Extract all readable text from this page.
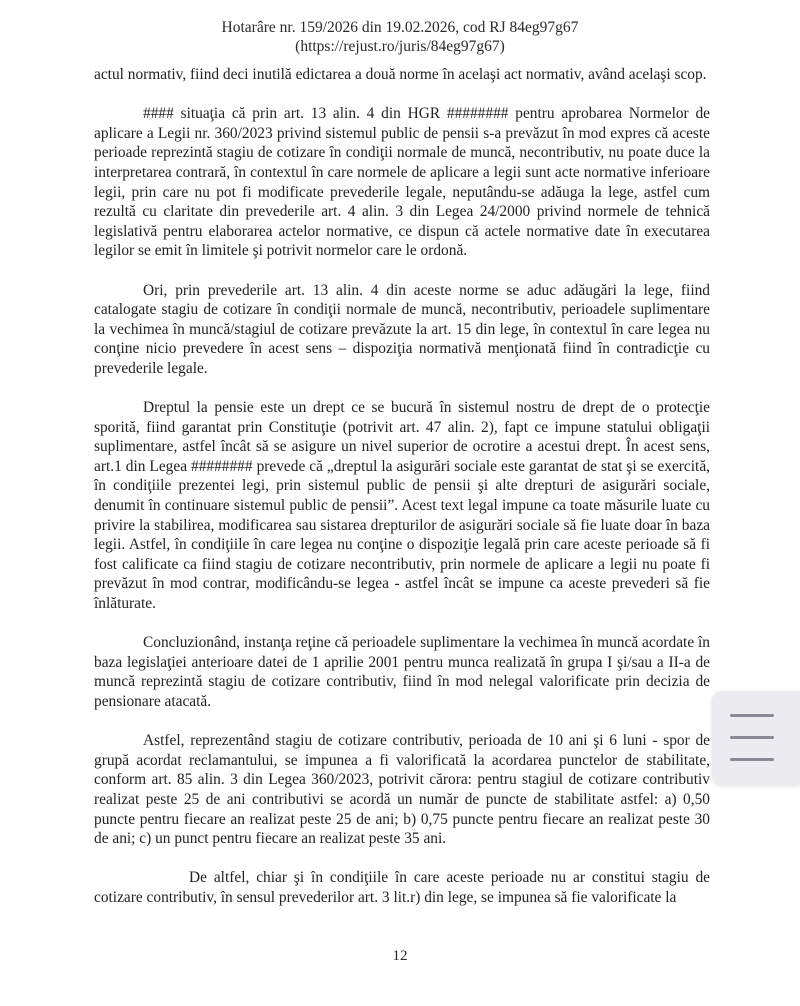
Hotarâre nr. 159/2026 din 19.02.2026, cod RJ 84eg97g67
(https://rejust.ro/juris/84eg97g67)

actul normativ, fiind deci inutilă edictarea a două norme în acelaşi act normativ, având acelaşi scop.

#### situaţia că prin art. 13 alin. 4 din HGR ######## pentru aprobarea Normelor de aplicare a Legii nr. 360/2023 privind sistemul public de pensii s-a prevăzut în mod expres că aceste perioade reprezintă stagiu de cotizare în condiţii normale de muncă, necontributiv, nu poate duce la interpretarea contrară, în contextul în care normele de aplicare a legii sunt acte normative inferioare legii, prin care nu pot fi modificate prevederile legale, neputându-se adăuga la lege, astfel cum rezultă cu claritate din prevederile art. 4 alin. 3 din Legea 24/2000 privind normele de tehnică legislativă pentru elaborarea actelor normative, ce dispun că actele normative date în executarea legilor se emit în limitele şi potrivit normelor care le ordonă.

Ori, prin prevederile art. 13 alin. 4 din aceste norme se aduc adăugări la lege, fiind catalogate stagiu de cotizare în condiţii normale de muncă, necontributiv, perioadele suplimentare la vechimea în muncă/stagiul de cotizare prevăzute la art. 15 din lege, în contextul în care legea nu conţine nicio prevedere în acest sens – dispoziţia normativă menţionată fiind în contradicţie cu prevederile legale.

Dreptul la pensie este un drept ce se bucură în sistemul nostru de drept de o protecţie sporită, fiind garantat prin Constituţie (potrivit art. 47 alin. 2), fapt ce impune statului obligaţii suplimentare, astfel încât să se asigure un nivel superior de ocrotire a acestui drept. În acest sens, art.1 din Legea ######## prevede că „dreptul la asigurări sociale este garantat de stat şi se exercită, în condiţiile prezentei legi, prin sistemul public de pensii şi alte drepturi de asigurări sociale, denumit în continuare sistemul public de pensii”. Acest text legal impune ca toate măsurile luate cu privire la stabilirea, modificarea sau sistarea drepturilor de asigurări sociale să fie luate doar în baza legii. Astfel, în condiţiile în care legea nu conţine o dispoziţie legală prin care aceste perioade să fi fost calificate ca fiind stagiu de cotizare necontributiv, prin normele de aplicare a legii nu poate fi prevăzut în mod contrar, modificându-se legea - astfel încât se impune ca aceste prevederi să fie înlăturate.

Concluzionând, instanţa reţine că perioadele suplimentare la vechimea în muncă acordate în baza legislaţiei anterioare datei de 1 aprilie 2001 pentru munca realizată în grupa I şi/sau a II-a de muncă reprezintă stagiu de cotizare contributiv, fiind în mod nelegal valorificate prin decizia de pensionare atacată.

Astfel, reprezentând stagiu de cotizare contributiv, perioada de 10 ani şi 6 luni - spor de grupă acordat reclamantului, se impunea a fi valorificată la acordarea punctelor de stabilitate, conform art. 85 alin. 3 din Legea 360/2023, potrivit cărora: pentru stagiul de cotizare contributiv realizat peste 25 de ani contributivi se acordă un număr de puncte de stabilitate astfel: a) 0,50 puncte pentru fiecare an realizat peste 25 de ani; b) 0,75 puncte pentru fiecare an realizat peste 30 de ani; c) un punct pentru fiecare an realizat peste 35 ani.

De altfel, chiar şi în condiţiile în care aceste perioade nu ar constitui stagiu de cotizare contributiv, în sensul prevederilor art. 3 lit.r) din lege, se impunea să fie valorificate la

12
